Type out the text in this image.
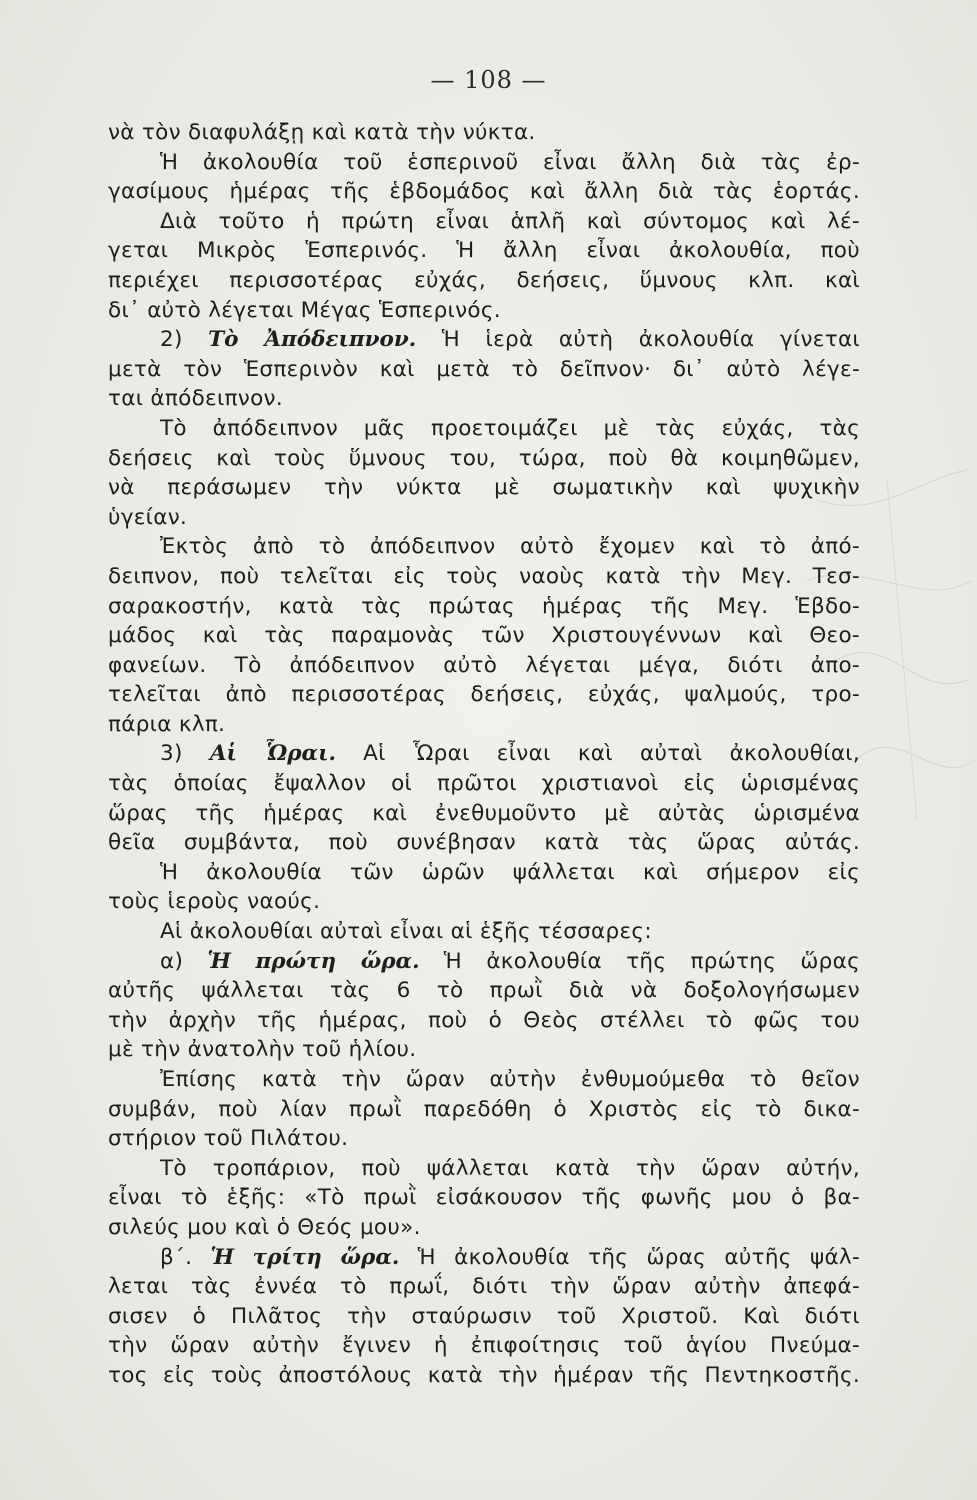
— 108 —
νὰ τὸν διαφυλάξῃ καὶ κατὰ τὴν νύκτα.
Ἡ ἀκολουθία τοῦ ἑσπερινοῦ εἶναι ἄλλη διὰ τὰς ἐρ-
γασίμους ἡμέρας τῆς ἑβδομάδος καὶ ἄλλη διὰ τὰς ἑορτάς.
Διὰ τοῦτο ἡ πρώτη εἶναι ἁπλῆ καὶ σύντομος καὶ λέ-
γεται Μικρὸς Ἑσπερινός. Ἡ ἄλλη εἶναι ἀκολουθία, ποὺ
περιέχει περισσοτέρας εὐχάς, δεήσεις, ὕμνους κλπ. καὶ
δι᾿ αὐτὸ λέγεται Μέγας Ἑσπερινός.
2) Τὸ Ἀπόδειπνον. Ἡ ἱερὰ αὐτὴ ἀκολουθία γίνεται
μετὰ τὸν Ἑσπερινὸν καὶ μετὰ τὸ δεῖπνον· δι᾿ αὐτὸ λέγε-
ται ἀπόδειπνον.
Τὸ ἀπόδειπνον μᾶς προετοιμάζει μὲ τὰς εὐχάς, τὰς
δεήσεις καὶ τοὺς ὕμνους του, τώρα, ποὺ θὰ κοιμηθῶμεν,
νὰ περάσωμεν τὴν νύκτα μὲ σωματικὴν καὶ ψυχικὴν
ὑγείαν.
Ἐκτὸς ἀπὸ τὸ ἀπόδειπνον αὐτὸ ἔχομεν καὶ τὸ ἀπό-
δειπνον, ποὺ τελεῖται εἰς τοὺς ναοὺς κατὰ τὴν Μεγ. Τεσ-
σαρακοστήν, κατὰ τὰς πρώτας ἡμέρας τῆς Μεγ. Ἑβδο-
μάδος καὶ τὰς παραμονὰς τῶν Χριστουγέννων καὶ Θεο-
φανείων. Τὸ ἀπόδειπνον αὐτὸ λέγεται μέγα, διότι ἀπο-
τελεῖται ἀπὸ περισσοτέρας δεήσεις, εὐχάς, ψαλμούς, τρο-
πάρια κλπ.
3) Αἱ Ὧραι. Αἱ Ὧραι εἶναι καὶ αὐταὶ ἀκολουθίαι,
τὰς ὁποίας ἔψαλλον οἱ πρῶτοι χριστιανοὶ εἰς ὡρισμένας
ὥρας τῆς ἡμέρας καὶ ἐνεθυμοῦντο μὲ αὐτὰς ὡρισμένα
θεῖα συμβάντα, ποὺ συνέβησαν κατὰ τὰς ὥρας αὐτάς.
Ἡ ἀκολουθία τῶν ὡρῶν ψάλλεται καὶ σήμερον εἰς
τοὺς ἱεροὺς ναούς.
Αἱ ἀκολουθίαι αὐταὶ εἶναι αἱ ἑξῆς τέσσαρες:
α) Ἡ πρώτη ὥρα. Ἡ ἀκολουθία τῆς πρώτης ὥρας
αὐτῆς ψάλλεται τὰς 6 τὸ πρωῒ διὰ νὰ δοξολογήσωμεν
τὴν ἀρχὴν τῆς ἡμέρας, ποὺ ὁ Θεὸς στέλλει τὸ φῶς του
μὲ τὴν ἀνατολὴν τοῦ ἡλίου.
Ἐπίσης κατὰ τὴν ὥραν αὐτὴν ἐνθυμούμεθα τὸ θεῖον
συμβάν, ποὺ λίαν πρωῒ παρεδόθη ὁ Χριστὸς εἰς τὸ δικα-
στήριον τοῦ Πιλάτου.
Τὸ τροπάριον, ποὺ ψάλλεται κατὰ τὴν ὥραν αὐτήν,
εἶναι τὸ ἑξῆς: «Τὸ πρωῒ εἰσάκουσον τῆς φωνῆς μου ὁ βα-
σιλεύς μου καὶ ὁ Θεός μου».
β΄. Ἡ τρίτη ὥρα. Ἡ ἀκολουθία τῆς ὥρας αὐτῆς ψάλ-
λεται τὰς ἐννέα τὸ πρωΐ, διότι τὴν ὥραν αὐτὴν ἀπεφά-
σισεν ὁ Πιλᾶτος τὴν σταύρωσιν τοῦ Χριστοῦ. Καὶ διότι
τὴν ὥραν αὐτὴν ἔγινεν ἡ ἐπιφοίτησις τοῦ ἁγίου Πνεύμα-
τος εἰς τοὺς ἀποστόλους κατὰ τὴν ἡμέραν τῆς Πεντηκοστῆς.
